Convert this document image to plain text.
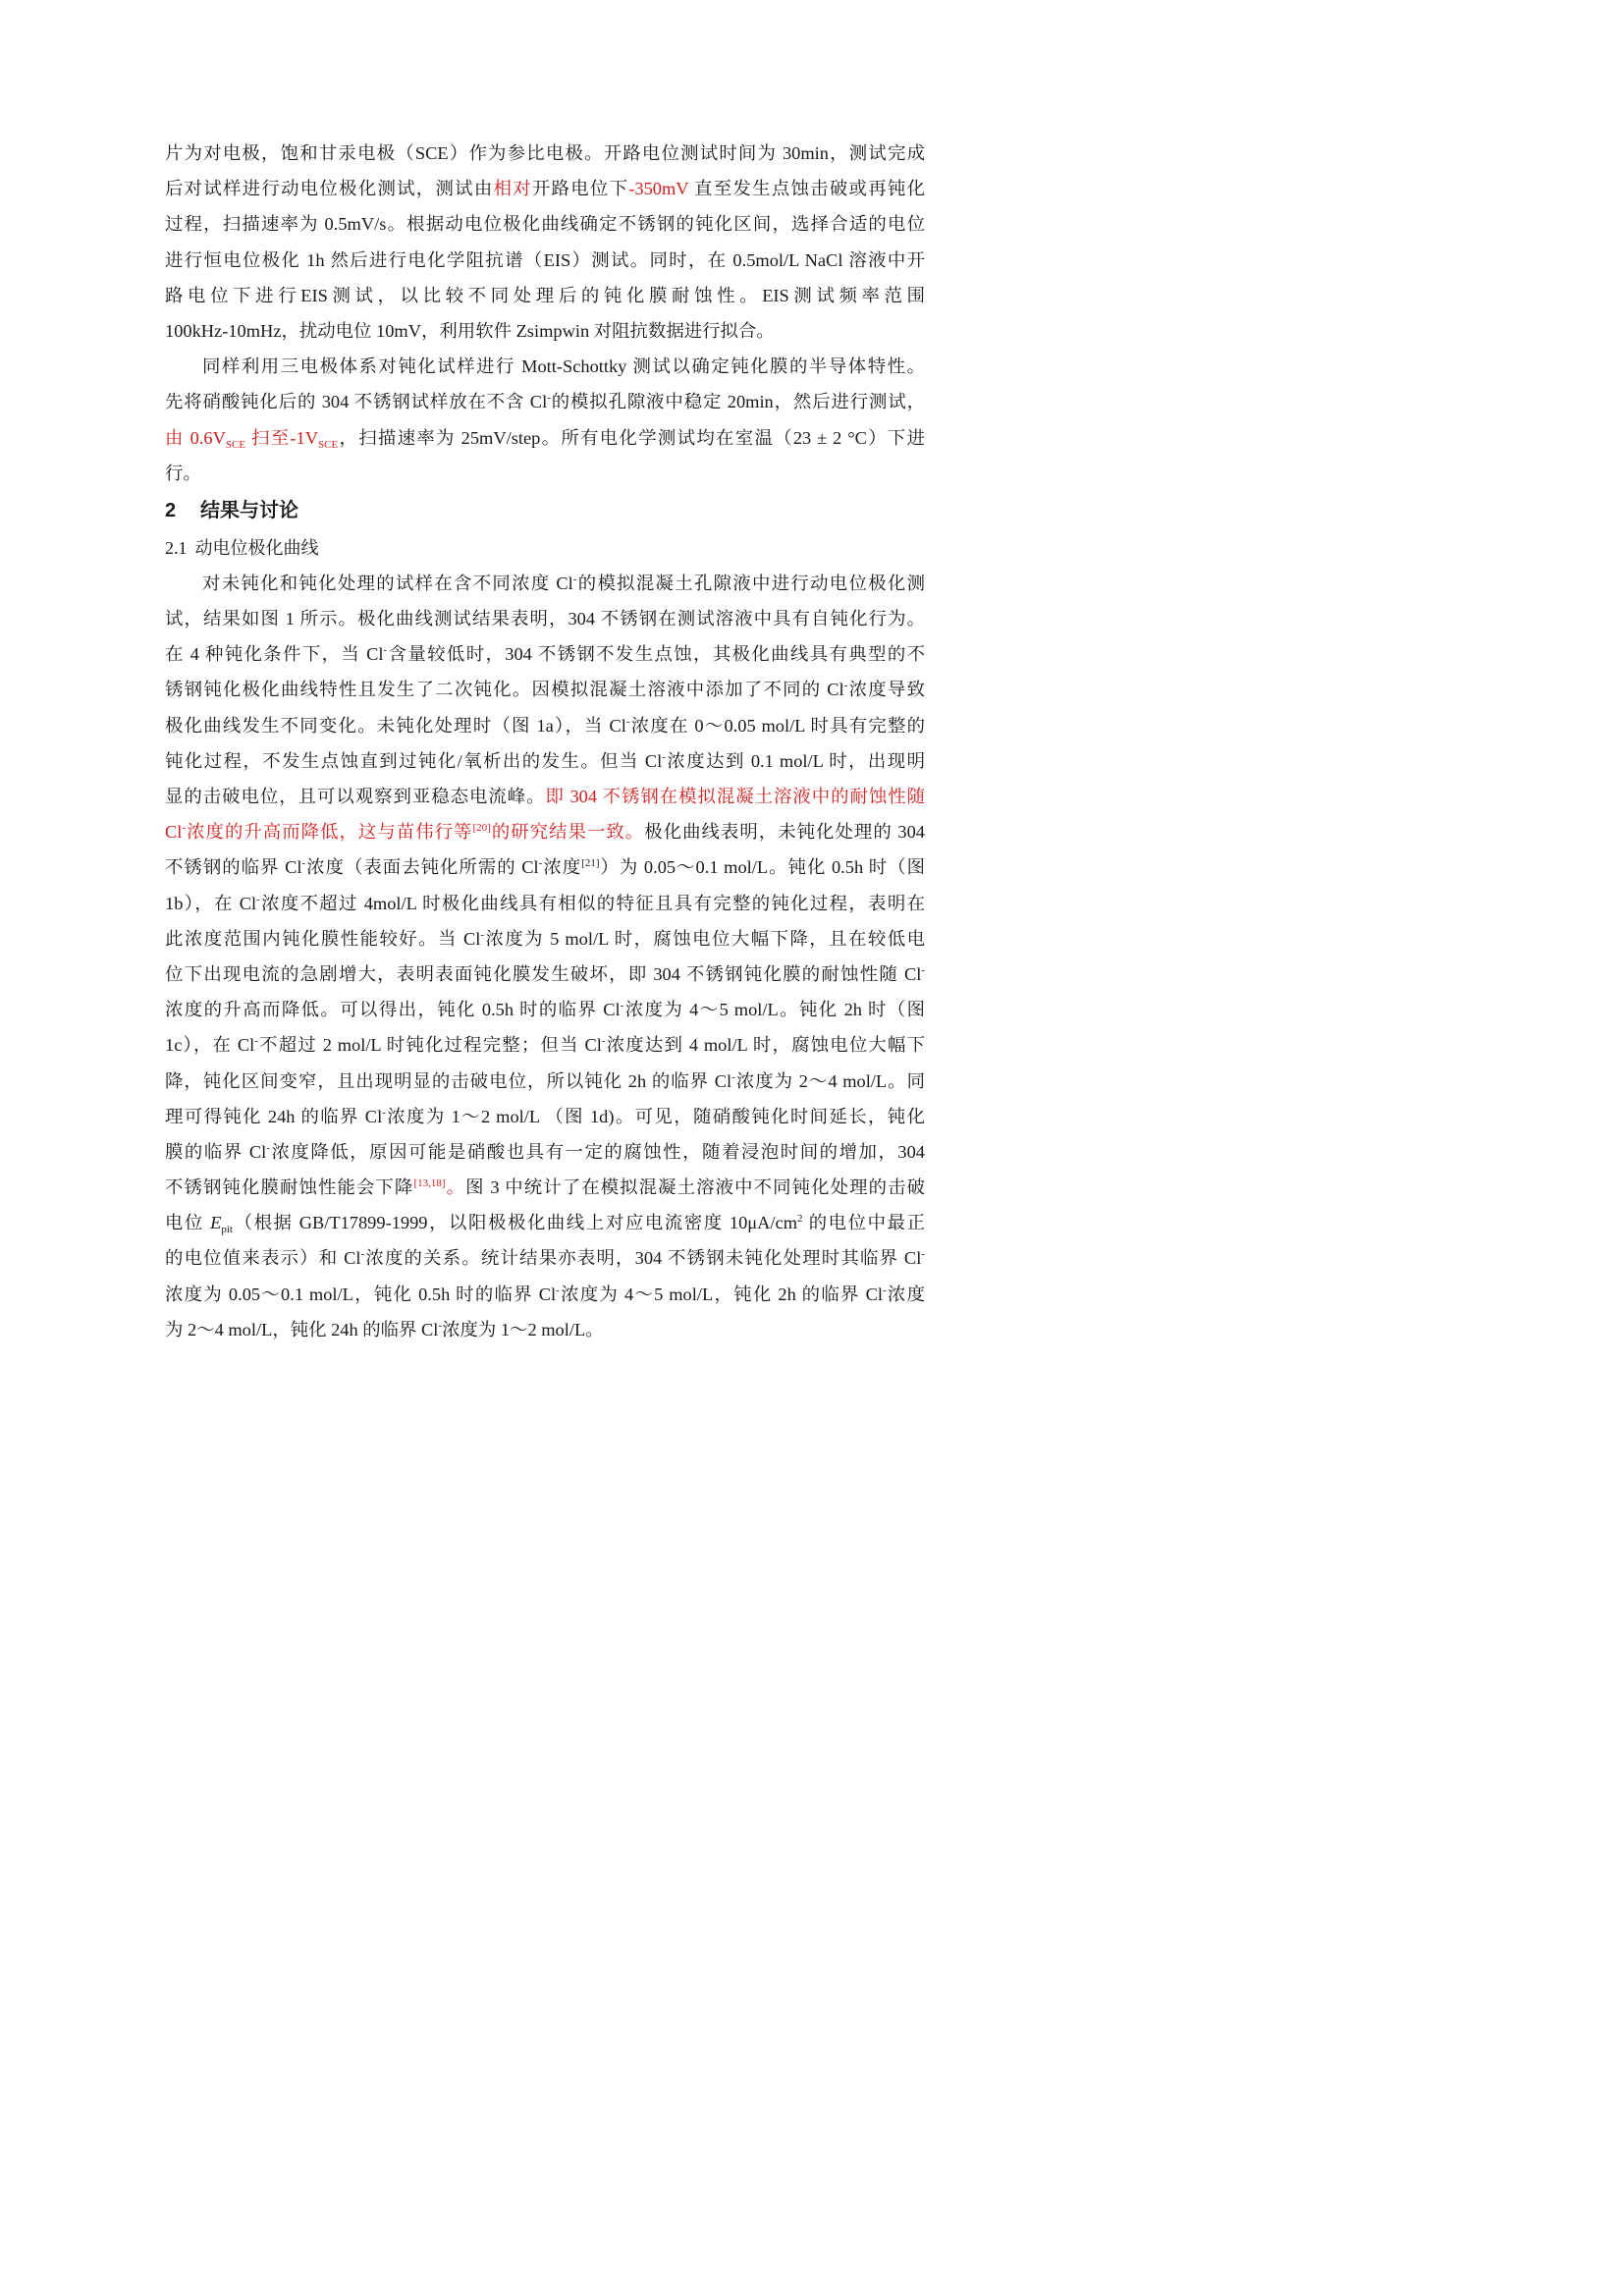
片为对电极，饱和甘汞电极（SCE）作为参比电极。开路电位测试时间为 30min，测试完成
后对试样进行动电位极化测试，测试由相对开路电位下-350mV 直至发生点蚀击破或再钝化
过程，扫描速率为 0.5mV/s。根据动电位极化曲线确定不锈钢的钝化区间，选择合适的电位
进行恒电位极化 1h 然后进行电化学阻抗谱（EIS）测试。同时，在 0.5mol/L NaCl 溶液中开
路 电 位 下 进 行 EIS 测 试 ， 以 比 较 不 同 处 理 后 的 钝 化 膜 耐 蚀 性 。 EIS 测 试 频 率 范 围
100kHz-10mHz，扰动电位 10mV，利用软件 Zsimpwin 对阻抗数据进行拟合。
同样利用三电极体系对钝化试样进行 Mott-Schottky 测试以确定钝化膜的半导体特性。
先将硝酸钝化后的 304 不锈钢试样放在不含 Cl-的模拟孔隙液中稳定 20min，然后进行测试，
由 $0.6V_{SCE}$ 扫至$-1V_{SCE}$，扫描速率为 25mV/step。所有电化学测试均在室温（23 ± 2 °C）下进
行。
2 结果与讨论
2.1 动电位极化曲线
对未钝化和钝化处理的试样在含不同浓度 Cl-的模拟混凝土孔隙液中进行动电位极化测
试，结果如图 1 所示。极化曲线测试结果表明，304 不锈钢在测试溶液中具有自钝化行为。
在 4 种钝化条件下，当 Cl-含量较低时，304 不锈钢不发生点蚀，其极化曲线具有典型的不
锈钢钝化极化曲线特性且发生了二次钝化。因模拟混凝土溶液中添加了不同的 Cl-浓度导致
极化曲线发生不同变化。未钝化处理时（图 1a），当 Cl-浓度在 0～0.05 mol/L 时具有完整的
钝化过程，不发生点蚀直到过钝化/氧析出的发生。但当 Cl-浓度达到 0.1 mol/L 时，出现明
显的击破电位，且可以观察到亚稳态电流峰。即 304 不锈钢在模拟混凝土溶液中的耐蚀性随
Cl-浓度的升高而降低，这与苗伟行等[20]的研究结果一致。极化曲线表明，未钝化处理的 304
不锈钢的临界 Cl-浓度（表面去钝化所需的 Cl-浓度[21]）为 0.05～0.1 mol/L。钝化 0.5h 时（图
1b），在 Cl-浓度不超过 4mol/L 时极化曲线具有相似的特征且具有完整的钝化过程，表明在
此浓度范围内钝化膜性能较好。当 Cl-浓度为 5 mol/L 时，腐蚀电位大幅下降，且在较低电
位下出现电流的急剧增大，表明表面钝化膜发生破坏，即 304 不锈钢钝化膜的耐蚀性随 Cl-
浓度的升高而降低。可以得出，钝化 0.5h 时的临界 Cl-浓度为 4～5 mol/L。钝化 2h 时（图
1c），在 Cl-不超过 2 mol/L 时钝化过程完整；但当 Cl-浓度达到 4 mol/L 时，腐蚀电位大幅下
降，钝化区间变窄，且出现明显的击破电位，所以钝化 2h 的临界 Cl-浓度为 2～4 mol/L。同
理可得钝化 24h 的临界 Cl-浓度为 1～2 mol/L （图 1d)。可见，随硝酸钝化时间延长，钝化
膜的临界 Cl-浓度降低，原因可能是硝酸也具有一定的腐蚀性，随着浸泡时间的增加，304
不锈钢钝化膜耐蚀性能会下降[13,18]。图 3 中统计了在模拟混凝土溶液中不同钝化处理的击破
电位 $E_{pit}$（根据 GB/T17899-1999，以阳极极化曲线上对应电流密度 $10\mu A/cm^2$ 的电位中最正
的电位值来表示）和 Cl-浓度的关系。统计结果亦表明，304 不锈钢未钝化处理时其临界 Cl-
浓度为 0.05～0.1 mol/L，钝化 0.5h 时的临界 Cl-浓度为 4～5 mol/L，钝化 2h 的临界 Cl-浓度
为 2～4 mol/L，钝化 24h 的临界 Cl-浓度为 1～2 mol/L。
